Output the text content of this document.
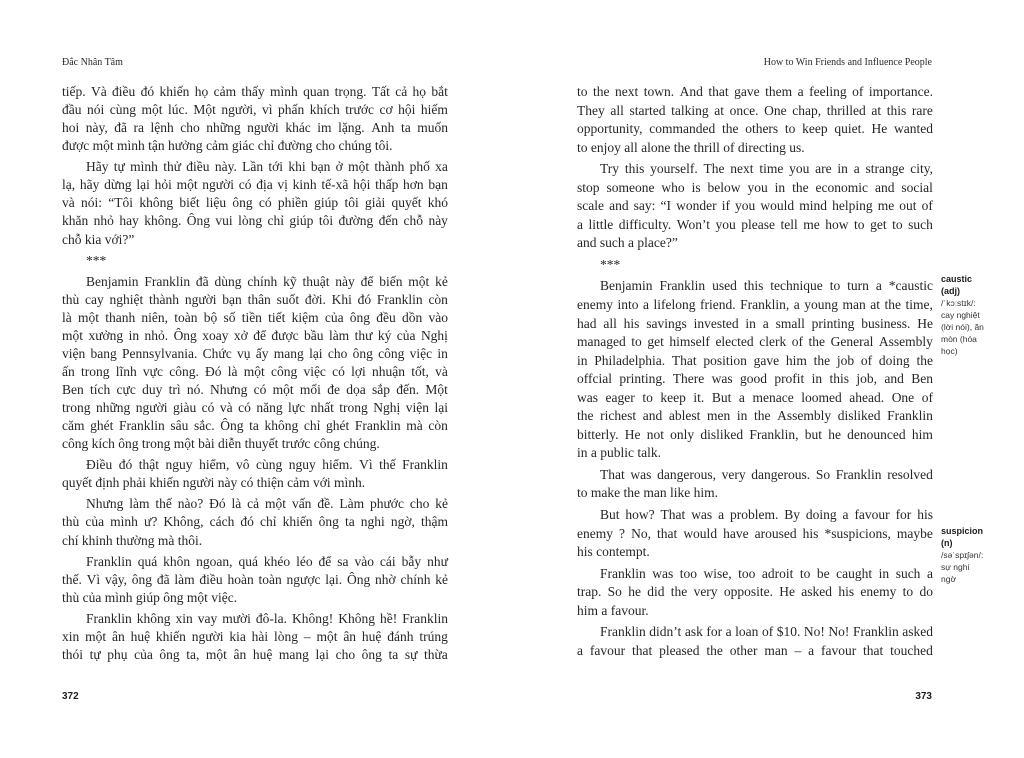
Đắc Nhân Tâm
tiếp. Và điều đó khiến họ cảm thấy mình quan trọng. Tất cả họ bắt
đầu nói cùng một lúc. Một người, vì phấn khích trước cơ hội hiếm
hoi này, đã ra lệnh cho những người khác im lặng. Anh ta muốn
được một mình tận hưởng cảm giác chỉ đường cho chúng tôi.
Hãy tự mình thử điều này. Lần tới khi bạn ở một thành phố xa
lạ, hãy dừng lại hỏi một người có địa vị kinh tế-xã hội thấp hơn bạn
và nói: “Tôi không biết liệu ông có phiền giúp tôi giải quyết khó
khăn nhỏ hay không. Ông vui lòng chỉ giúp tôi đường đến chỗ này
chỗ kia với?”
***
Benjamin Franklin đã dùng chính kỹ thuật này để biến một kẻ
thù cay nghiệt thành người bạn thân suốt đời. Khi đó Franklin còn
là một thanh niên, toàn bộ số tiền tiết kiệm của ông đều dồn vào
một xưởng in nhỏ. Ông xoay xở để được bầu làm thư ký của Nghị
viện bang Pennsylvania. Chức vụ ấy mang lại cho ông công việc in
ấn trong lĩnh vực công. Đó là một công việc có lợi nhuận tốt, và
Ben tích cực duy trì nó. Nhưng có một mối đe dọa sắp đến. Một
trong những người giàu có và có năng lực nhất trong Nghị viện lại
căm ghét Franklin sâu sắc. Ông ta không chỉ ghét Franklin mà còn
công kích ông trong một bài diễn thuyết trước công chúng.
Điều đó thật nguy hiểm, vô cùng nguy hiểm. Vì thế Franklin
quyết định phải khiến người này có thiện cảm với mình.
Nhưng làm thế nào? Đó là cả một vấn đề. Làm phước cho kẻ
thù của mình ư? Không, cách đó chỉ khiến ông ta nghi ngờ, thậm
chí khinh thường mà thôi.
Franklin quá khôn ngoan, quá khéo léo để sa vào cái bẫy như
thế. Vì vậy, ông đã làm điều hoàn toàn ngược lại. Ông nhờ chính kẻ
thù của mình giúp ông một việc.
Franklin không xin vay mười đô-la. Không! Không hề! Franklin
xin một ân huệ khiến người kia hài lòng – một ân huệ đánh trúng
thói tự phụ của ông ta, một ân huệ mang lại cho ông ta sự thừa
372
How to Win Friends and Influence People
to the next town. And that gave them a feeling of importance.
They all started talking at once. One chap, thrilled at this rare
opportunity, commanded the others to keep quiet. He wanted
to enjoy all alone the thrill of directing us.
Try this yourself. The next time you are in a strange city,
stop someone who is below you in the economic and social
scale and say: “I wonder if you would mind helping me out of
a little difficulty. Won’t you please tell me how to get to such
and such a place?”
***
Benjamin Franklin used this technique to turn a *caustic
enemy into a lifelong friend. Franklin, a young man at the time,
had all his savings invested in a small printing business. He
managed to get himself elected clerk of the General Assembly
in Philadelphia. That position gave him the job of doing the
offcial printing. There was good profit in this job, and Ben
was eager to keep it. But a menace loomed ahead. One of
the richest and ablest men in the Assembly disliked Franklin
bitterly. He not only disliked Franklin, but he denounced him
in a public talk.
That was dangerous, very dangerous. So Franklin resolved
to make the man like him.
But how? That was a problem. By doing a favour for his
enemy ? No, that would have aroused his *suspicions, maybe
his contempt.
Franklin was too wise, too adroit to be caught in such a
trap. So he did the very opposite. He asked his enemy to do
him a favour.
Franklin didn’t ask for a loan of $10. No! No! Franklin asked
a favour that pleased the other man – a favour that touched
caustic
(adj)
/ˈkɔːstɪk/:
cay nghiệt
(lời nói), ăn
mòn (hóa
học)
suspicion
(n)
/səˈspɪʃən/:
sự nghi
ngờ
373
